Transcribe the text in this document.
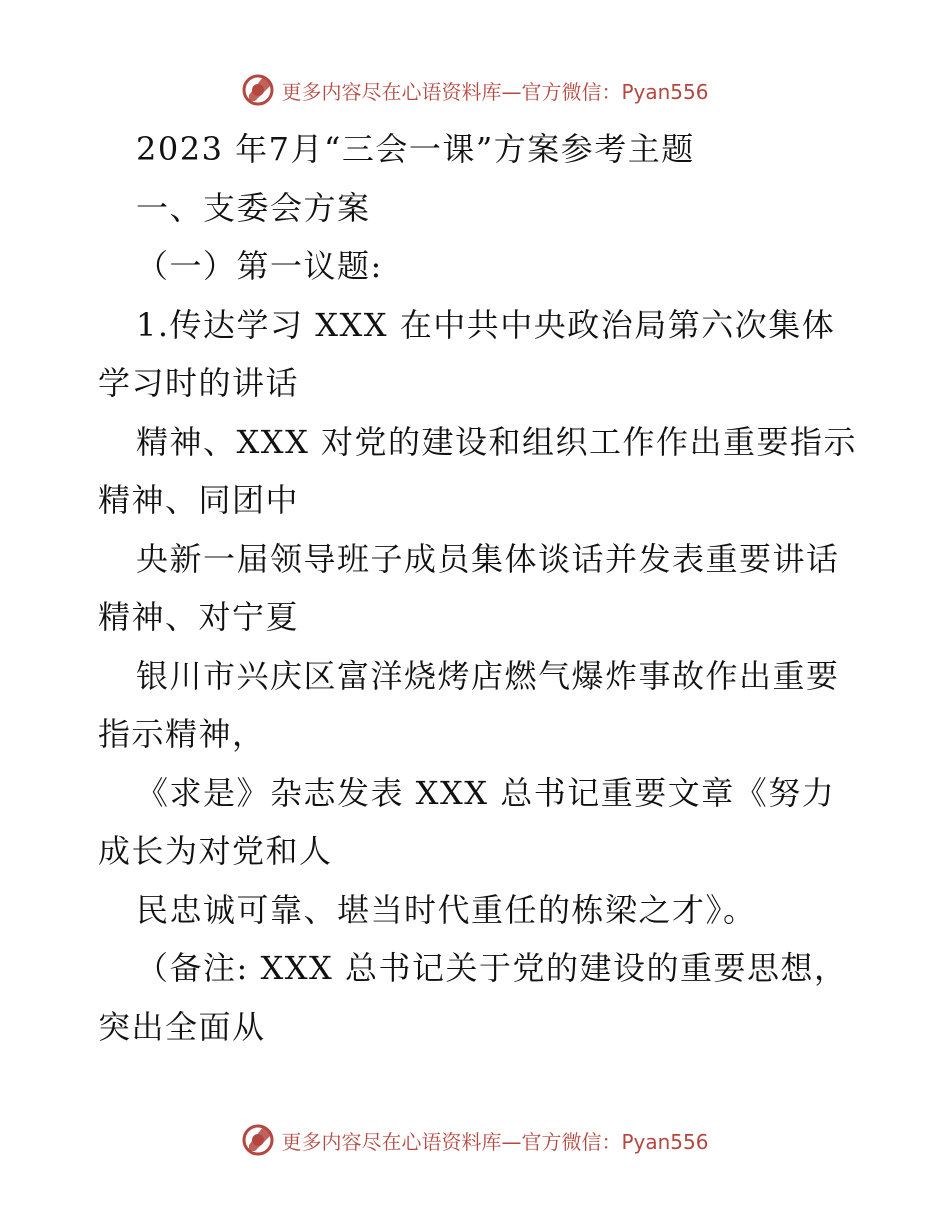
更多内容尽在心语资料库—官方微信：Pyan556
2023 年7月“三会一课”方案参考主题
一、支委会方案
（一）第一议题:
1.传达学习 XXX 在中共中央政治局第六次集体
学习时的讲话
精神、XXX 对党的建设和组织工作作出重要指示
精神、同团中
央新一届领导班子成员集体谈话并发表重要讲话
精神、对宁夏
银川市兴庆区富洋烧烤店燃气爆炸事故作出重要
指示精神，
《求是》杂志发表 XXX 总书记重要文章《努力
成长为对党和人
民忠诚可靠、堪当时代重任的栋梁之才》。
（备注: XXX 总书记关于党的建设的重要思想，
突出全面从
更多内容尽在心语资料库—官方微信：Pyan556
